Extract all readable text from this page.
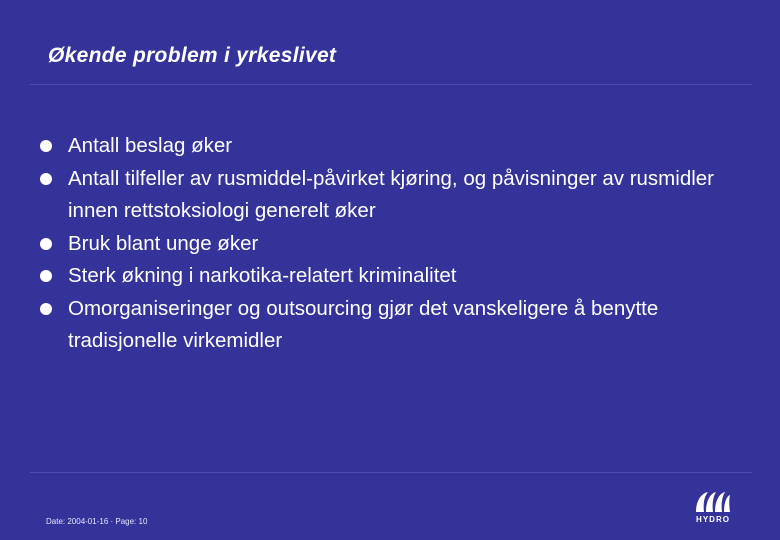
Økende problem i yrkeslivet
Antall beslag øker
Antall tilfeller av rusmiddel-påvirket kjøring, og påvisninger av rusmidler innen rettstoksiologi generelt øker
Bruk blant unge øker
Sterk økning i narkotika-relatert kriminalitet
Omorganiseringer og outsourcing gjør det vanskeligere å benytte tradisjonelle virkemidler
Date: 2004-01-16 · Page: 10	HYDRO
